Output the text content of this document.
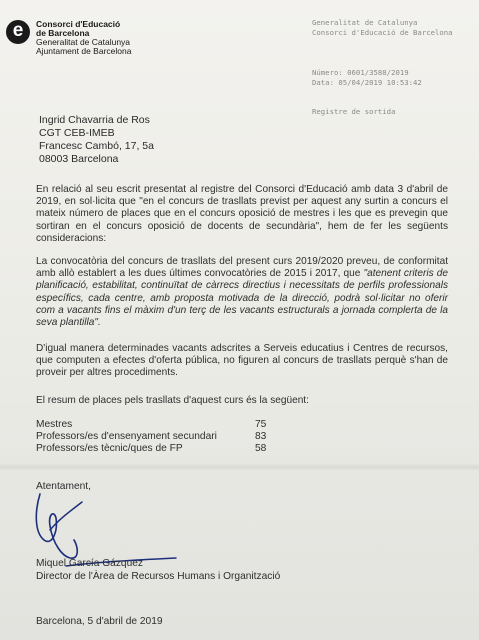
e	Consorci d'Educació
de Barcelona
Generalitat de Catalunya
Ajuntament de Barcelona
Generalitat de Catalunya
Consorci d'Educació de Barcelona
Número: 0601/3588/2019
Data: 05/04/2019 10:53:42
Registre de sortida
Ingrid Chavarria de Ros
CGT CEB-IMEB
Francesc Cambó, 17, 5a
08003 Barcelona
En relació al seu escrit presentat al registre del Consorci d'Educació amb data 3 d'abril de 2019, en sol·licita que "en el concurs de trasllats previst per aquest any surtin a concurs el mateix número de places que en el concurs oposició de mestres i les que es prevegin que sortiran en el concurs oposició de docents de secundària", hem de fer les següents consideracions:
La convocatòria del concurs de trasllats del present curs 2019/2020 preveu, de conformitat amb allò establert a les dues últimes convocatòries de 2015 i 2017, que "atenent criteris de planificació, estabilitat, continuïtat de càrrecs directius i necessitats de perfils professionals específics, cada centre, amb proposta motivada de la direcció, podrà sol·licitar no oferir com a vacants fins el màxim d'un terç de les vacants estructurals a jornada complerta de la seva plantilla".
D'igual manera determinades vacants adscrites a Serveis educatius i Centres de recursos, que computen a efectes d'oferta pública, no figuren al concurs de trasllats perquè s'han de proveir per altres procediments.
El resum de places pels trasllats d'aquest curs és la següent:
Mestres	75
Professors/es d'ensenyament secundari	83
Professors/es tècnic/ques de FP	58
Atentament,
Miquel García Gázquez
Director de l'Àrea de Recursos Humans i Organització
Barcelona, 5 d'abril de 2019
